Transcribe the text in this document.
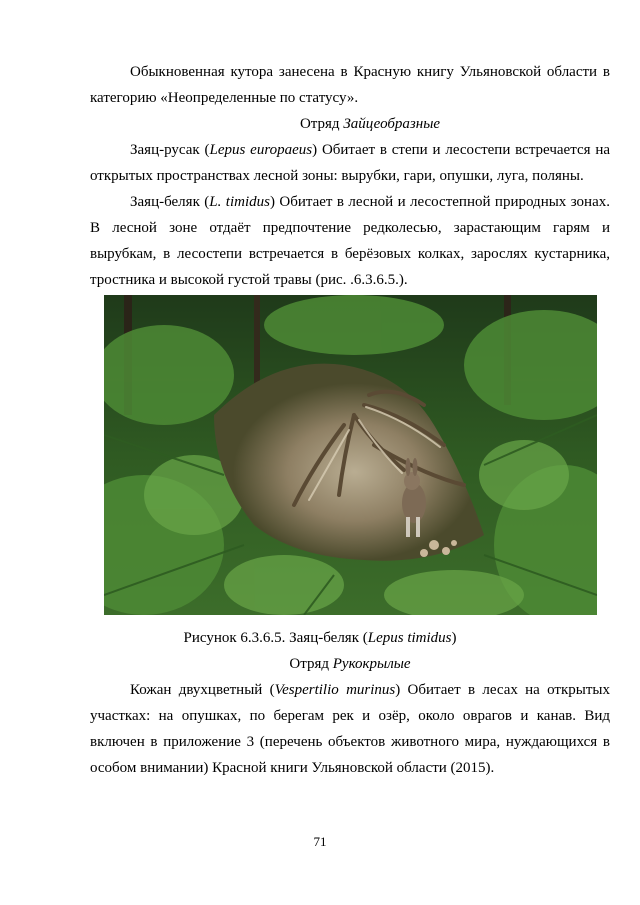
Обыкновенная кутора занесена в Красную книгу Ульяновской области в
категорию «Неопределенные по статусу».
Отряд Зайцеобразные
Заяц-русак (Lepus europaeus) Обитает в степи и лесостепи встречается на
открытых пространствах лесной зоны: вырубки, гари, опушки, луга, поляны.
Заяц-беляк (L. timidus) Обитает в лесной и лесостепной природных зонах.
В лесной зоне отдаёт предпочтение редколесью, зарастающим гарям и
вырубкам, в лесостепи встречается в берёзовых колках, зарослях кустарника,
тростника и высокой густой травы (рис. .6.3.6.5.).
Рисунок 6.3.6.5. Заяц-беляк (Lepus timidus)
Отряд Рукокрылые
Кожан двухцветный (Vespertilio murinus) Обитает в лесах на открытых
участках: на опушках, по берегам рек и озёр, около оврагов и канав. Вид
включен в приложение 3 (перечень объектов животного мира, нуждающихся в
особом внимании) Красной книги Ульяновской области (2015).
71
